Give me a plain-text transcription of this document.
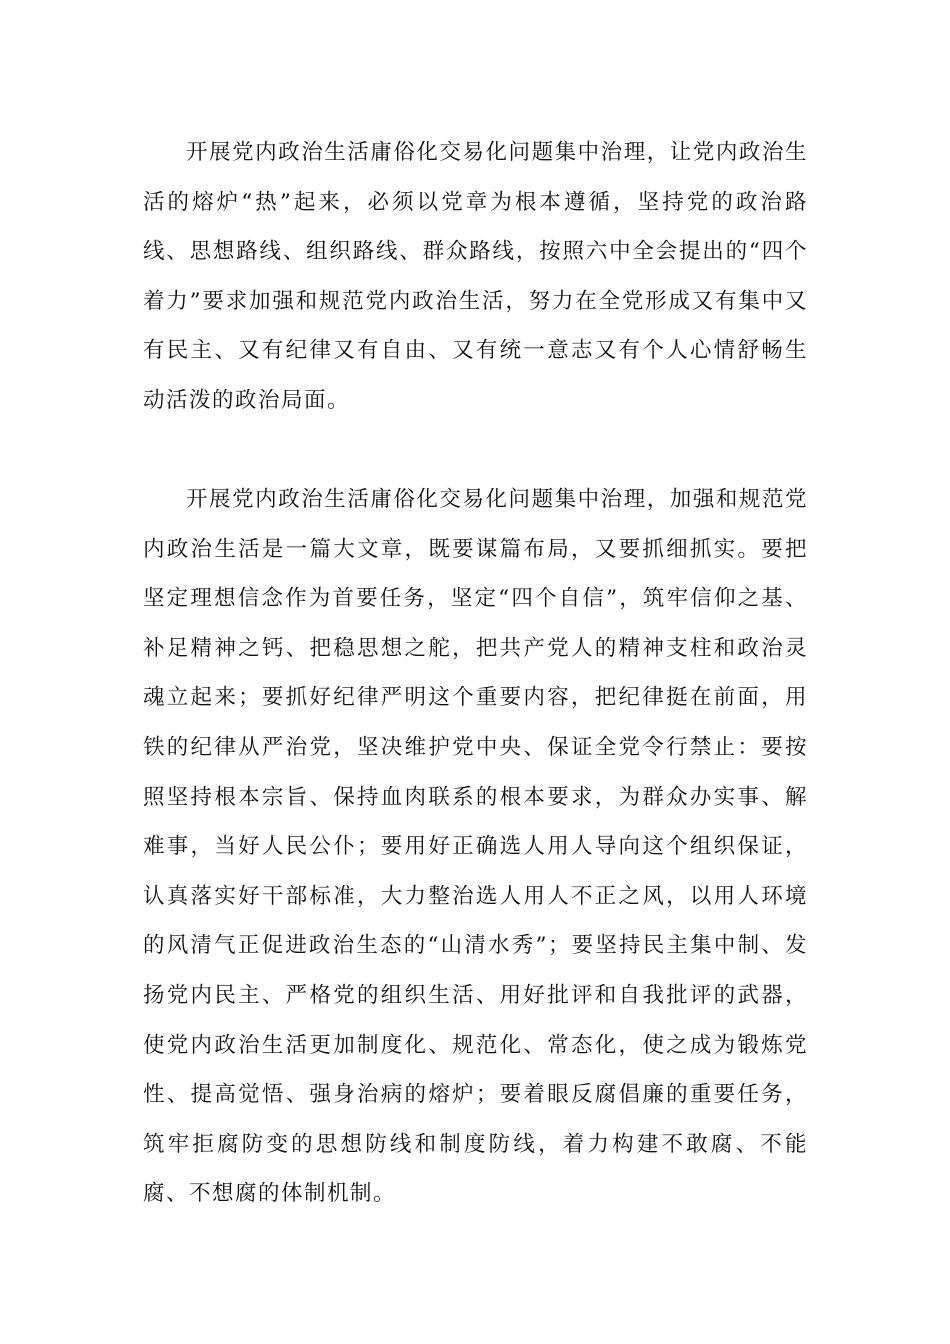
开展党内政治生活庸俗化交易化问题集中治理，让党内政治生活的熔炉“热”起来，必须以党章为根本遵循，坚持党的政治路线、思想路线、组织路线、群众路线，按照六中全会提出的“四个着力”要求加强和规范党内政治生活，努力在全党形成又有集中又有民主、又有纪律又有自由、又有统一意志又有个人心情舒畅生动活泼的政治局面。

开展党内政治生活庸俗化交易化问题集中治理，加强和规范党内政治生活是一篇大文章，既要谋篇布局，又要抓细抓实。要把坚定理想信念作为首要任务，坚定“四个自信”，筑牢信仰之基、补足精神之钙、把稳思想之舵，把共产党人的精神支柱和政治灵魂立起来；要抓好纪律严明这个重要内容，把纪律挺在前面，用铁的纪律从严治党，坚决维护党中央、保证全党令行禁止：要按照坚持根本宗旨、保持血肉联系的根本要求，为群众办实事、解难事，当好人民公仆；要用好正确选人用人导向这个组织保证，认真落实好干部标准，大力整治选人用人不正之风，以用人环境的风清气正促进政治生态的“山清水秀”；要坚持民主集中制、发扬党内民主、严格党的组织生活、用好批评和自我批评的武器，使党内政治生活更加制度化、规范化、常态化，使之成为锻炼党性、提高觉悟、强身治病的熔炉；要着眼反腐倡廉的重要任务，筑牢拒腐防变的思想防线和制度防线，着力构建不敢腐、不能腐、不想腐的体制机制。
